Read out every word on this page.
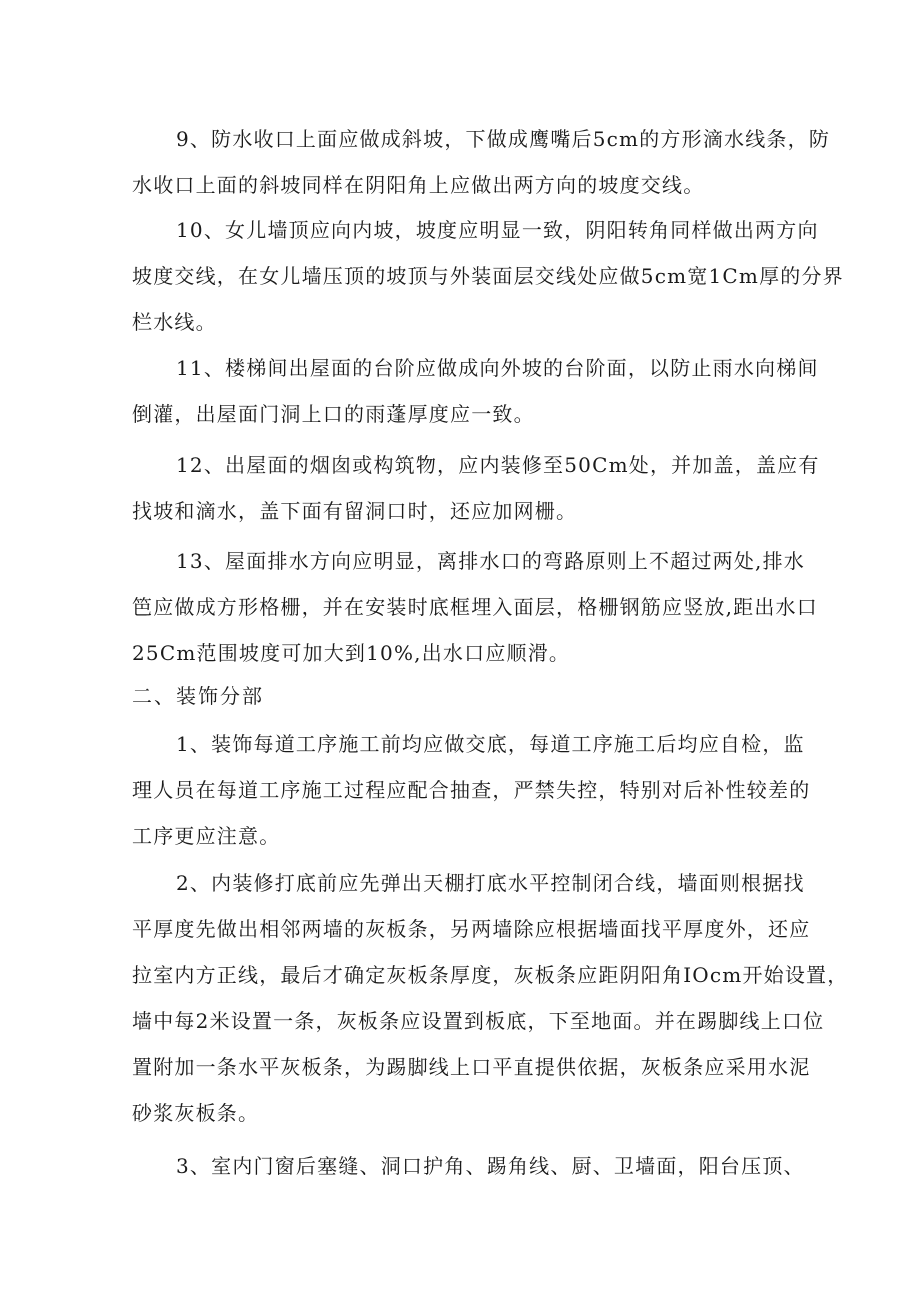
9、防水收口上面应做成斜坡，下做成鹰嘴后5cm的方形滴水线条，防
水收口上面的斜坡同样在阴阳角上应做出两方向的坡度交线。
10、女儿墙顶应向内坡，坡度应明显一致，阴阳转角同样做出两方向
坡度交线，在女儿墙压顶的坡顶与外装面层交线处应做5cm宽1Cm厚的分界
栏水线。
11、楼梯间出屋面的台阶应做成向外坡的台阶面，以防止雨水向梯间
倒灌，出屋面门洞上口的雨蓬厚度应一致。
12、出屋面的烟囱或构筑物，应内装修至50Cm处，并加盖，盖应有
找坡和滴水，盖下面有留洞口时，还应加网栅。
13、屋面排水方向应明显，离排水口的弯路原则上不超过两处,排水
笆应做成方形格栅，并在安装时底框埋入面层，格栅钢筋应竖放,距出水口
25Cm范围坡度可加大到10%,出水口应顺滑。
二、装饰分部
1、装饰每道工序施工前均应做交底，每道工序施工后均应自检，监
理人员在每道工序施工过程应配合抽查，严禁失控，特别对后补性较差的
工序更应注意。
2、内装修打底前应先弹出天棚打底水平控制闭合线，墙面则根据找
平厚度先做出相邻两墙的灰板条，另两墙除应根据墙面找平厚度外，还应
拉室内方正线，最后才确定灰板条厚度，灰板条应距阴阳角IOcm开始设置，
墙中每2米设置一条，灰板条应设置到板底，下至地面。并在踢脚线上口位
置附加一条水平灰板条，为踢脚线上口平直提供依据，灰板条应采用水泥
砂浆灰板条。
3、室内门窗后塞缝、洞口护角、踢角线、厨、卫墙面，阳台压顶、
